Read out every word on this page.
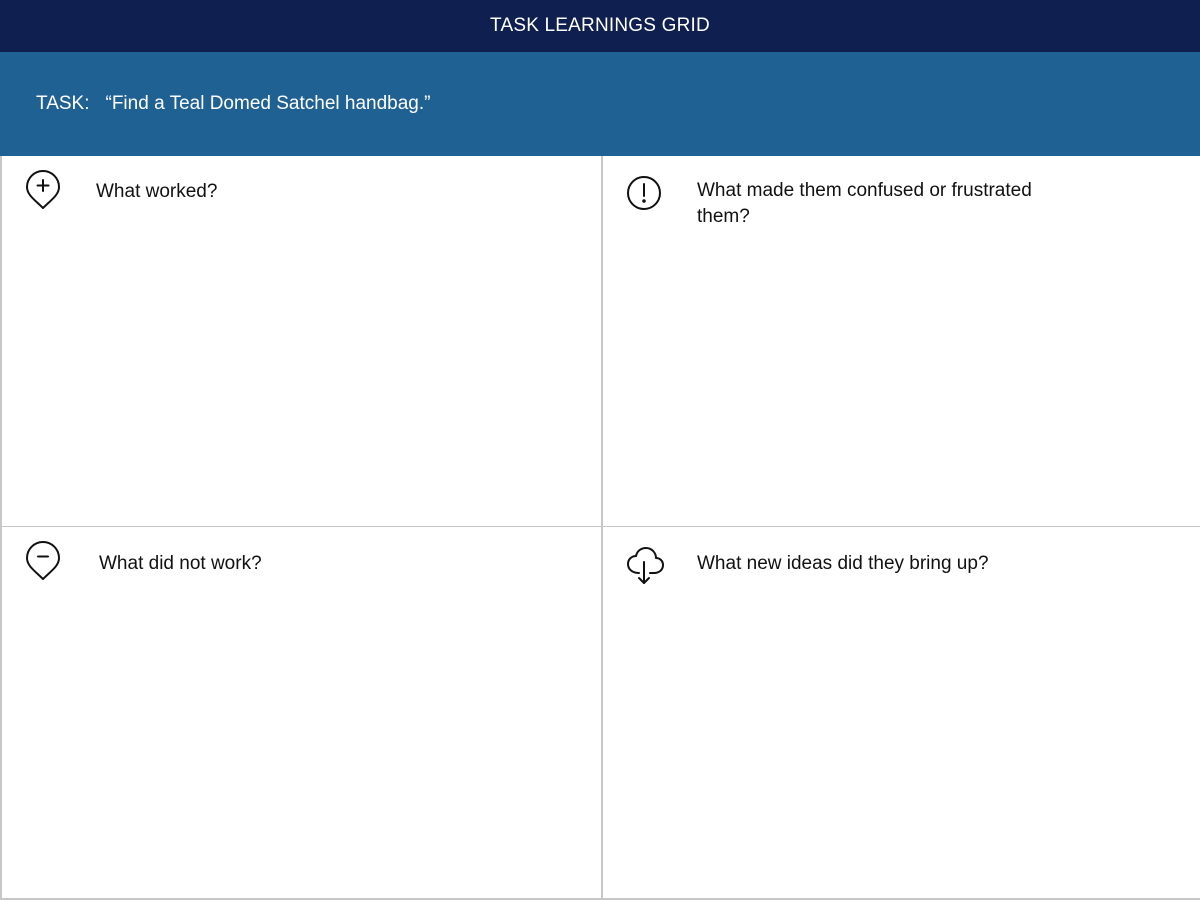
TASK LEARNINGS GRID
TASK: “Find a Teal Domed Satchel handbag.”
What worked?	What made them confused or frustrated them?
What did not work?	What new ideas did they bring up?
